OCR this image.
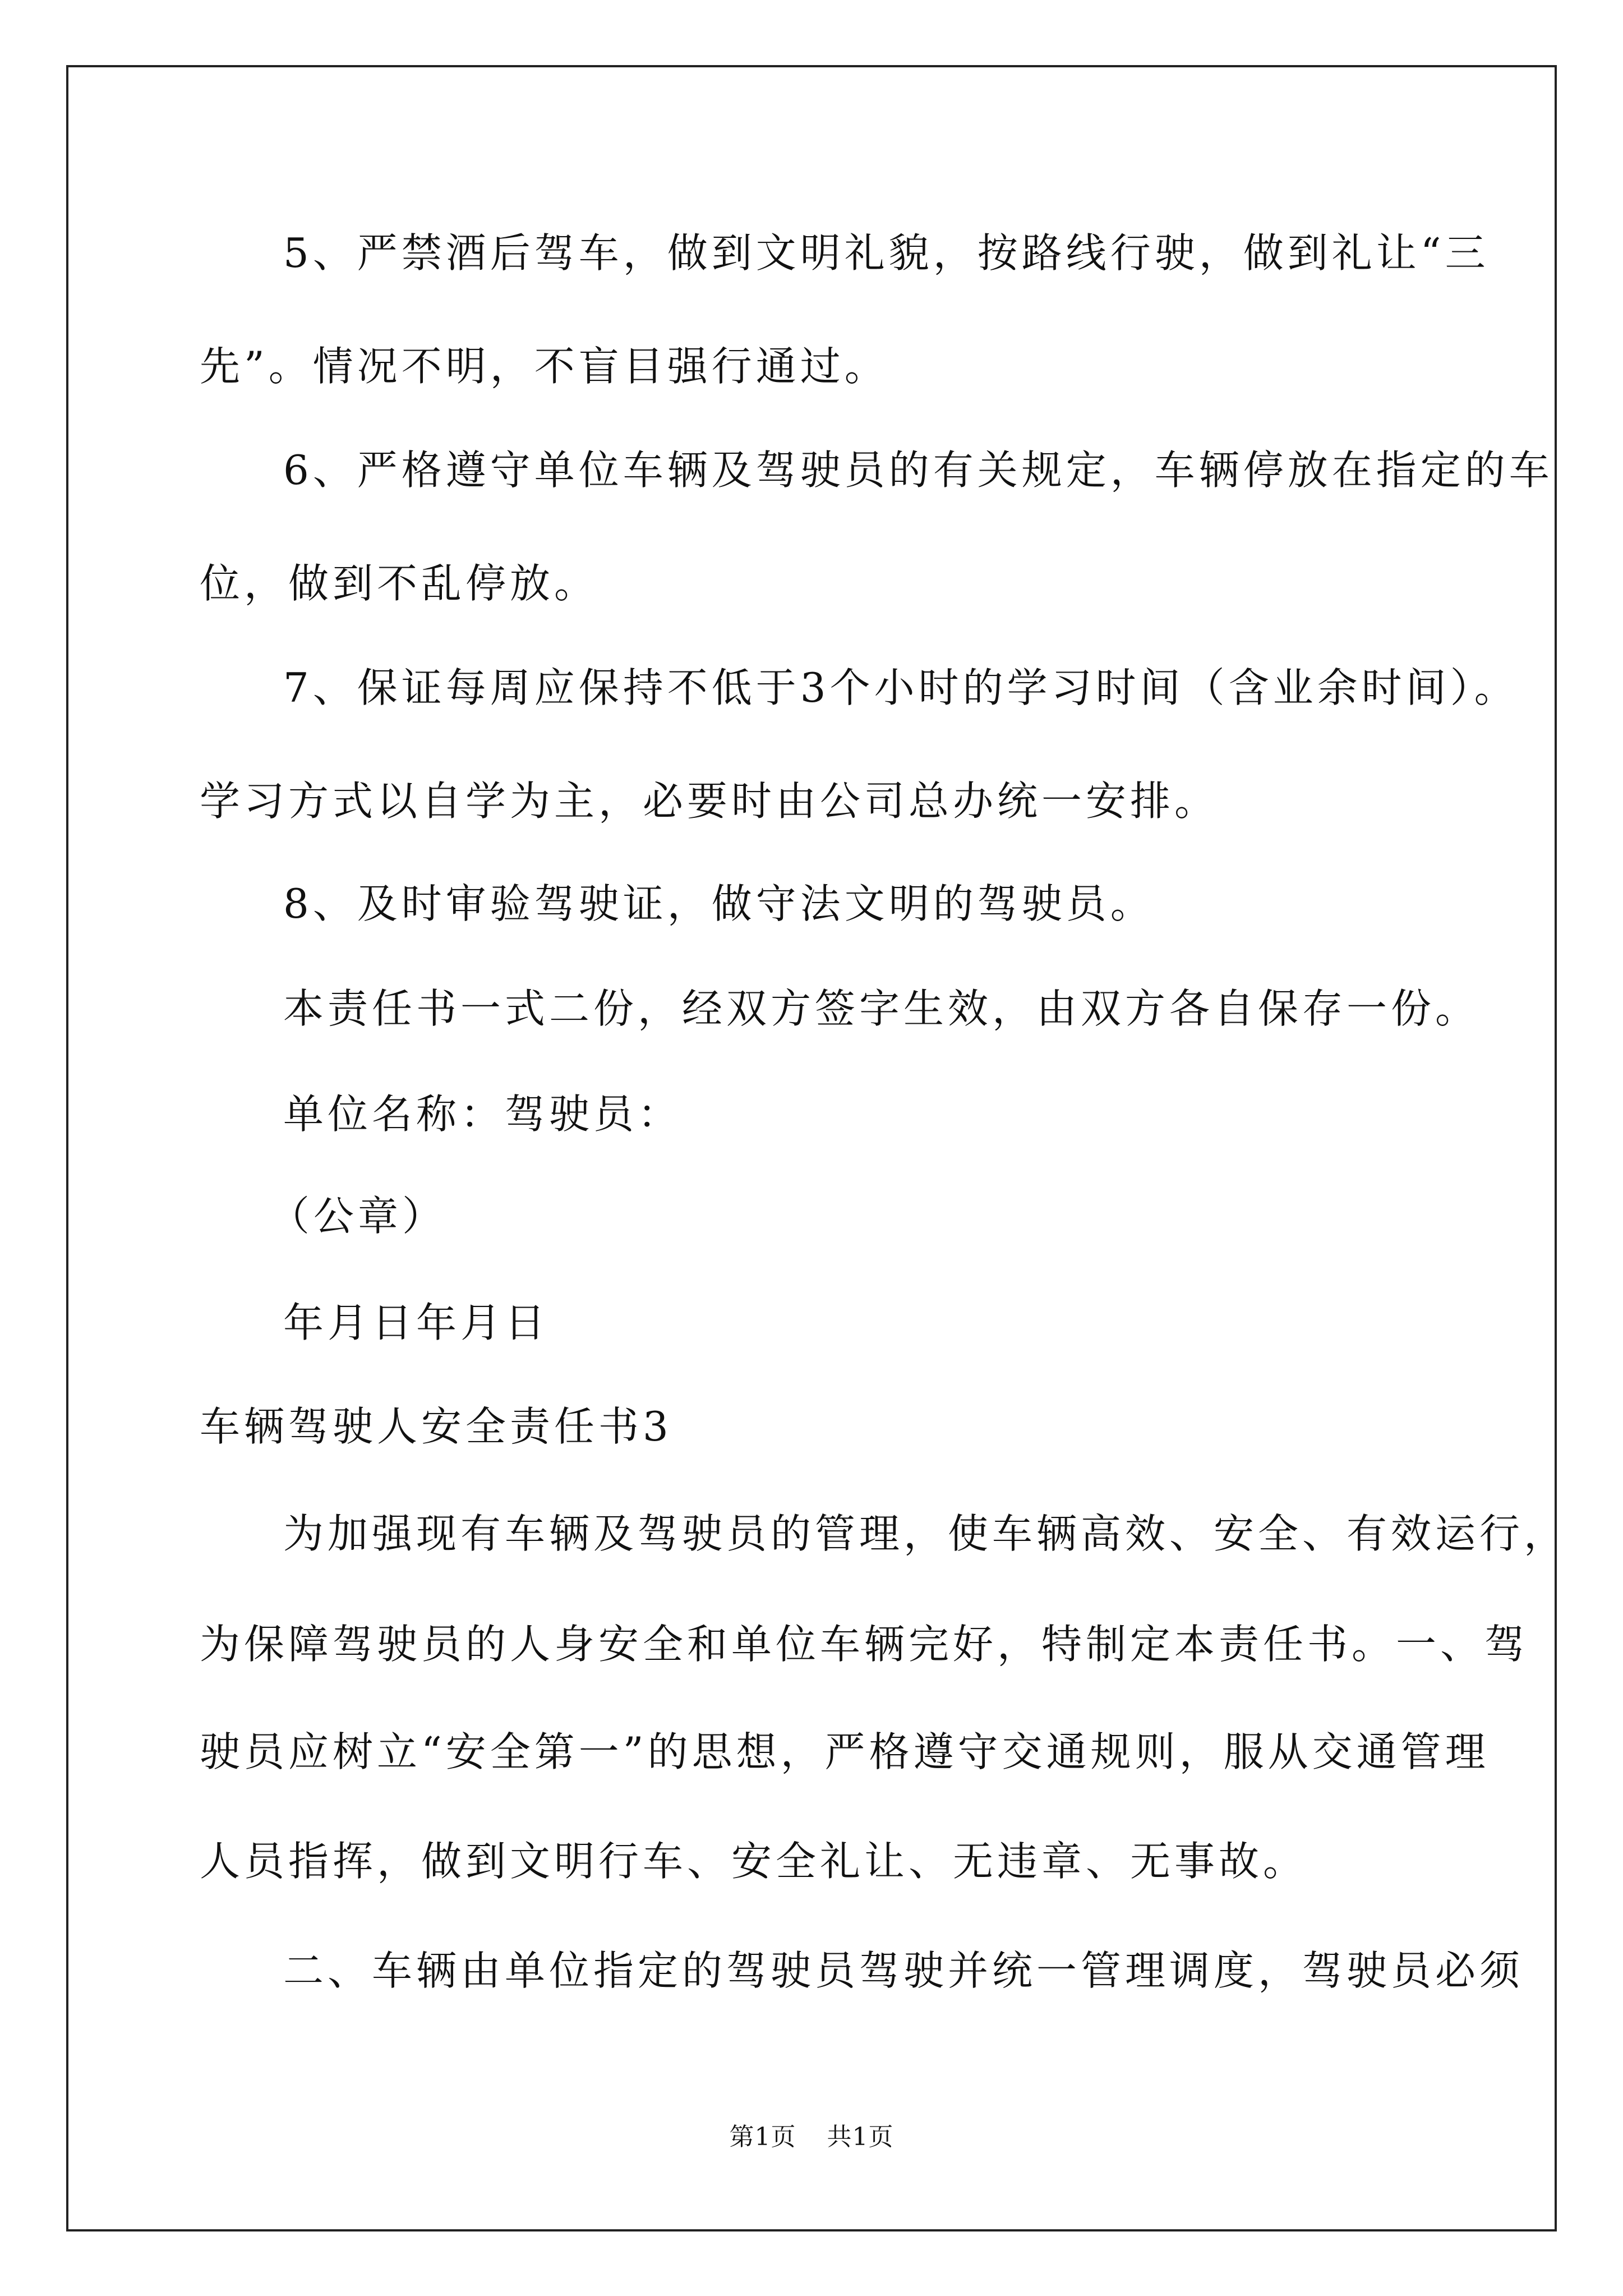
5、严禁酒后驾车，做到文明礼貌，按路线行驶，做到礼让“三
先”。情况不明，不盲目强行通过。
6、严格遵守单位车辆及驾驶员的有关规定，车辆停放在指定的车
位，做到不乱停放。
7、保证每周应保持不低于3个小时的学习时间（含业余时间）。
学习方式以自学为主，必要时由公司总办统一安排。
8、及时审验驾驶证，做守法文明的驾驶员。
本责任书一式二份，经双方签字生效，由双方各自保存一份。
单位名称：驾驶员：
（公章）
年月日年月日
车辆驾驶人安全责任书3
为加强现有车辆及驾驶员的管理，使车辆高效、安全、有效运行，
为保障驾驶员的人身安全和单位车辆完好，特制定本责任书。一、驾
驶员应树立“安全第一”的思想，严格遵守交通规则，服从交通管理
人员指挥，做到文明行车、安全礼让、无违章、无事故。
二、车辆由单位指定的驾驶员驾驶并统一管理调度，驾驶员必须
第1页 共1页
